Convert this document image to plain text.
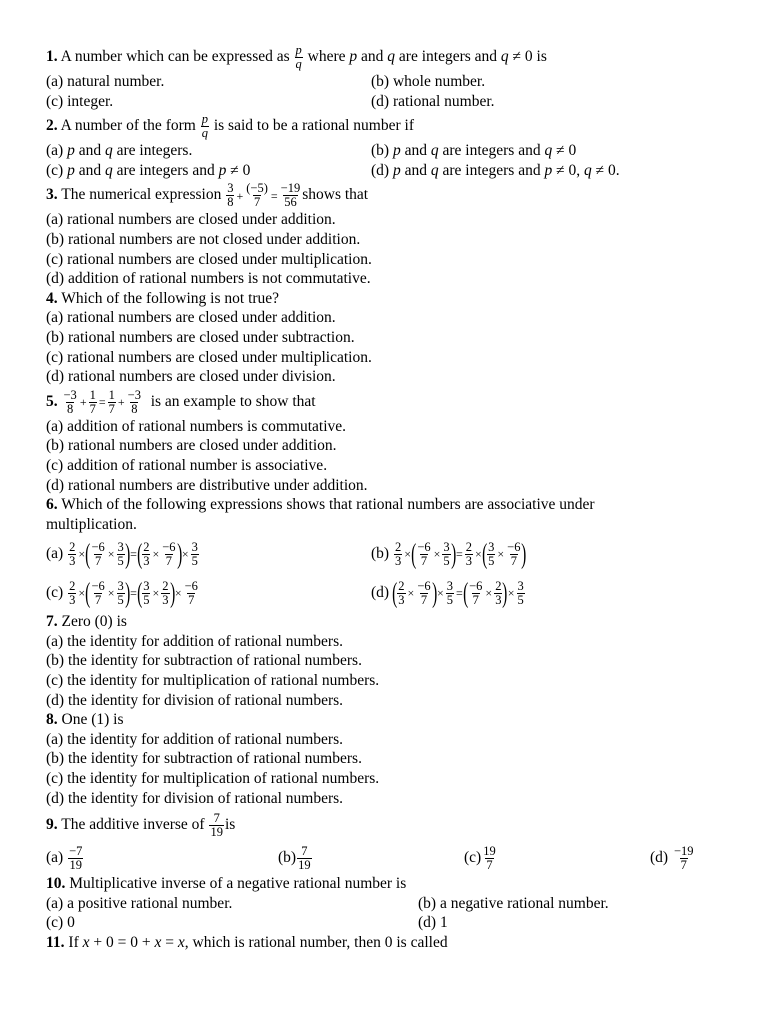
1. A number which can be expressed as $\frac{p}{q}$ where p and q are integers and q ≠ 0 is
(a) natural number.	(b) whole number.
(c) integer.	(d) rational number.
2. A number of the form $\frac{p}{q}$ is said to be a rational number if
(a) p and q are integers.	(b) p and q are integers and q ≠ 0
(c) p and q are integers and p ≠ 0	(d) p and q are integers and p ≠ 0, q ≠ 0.
3. The numerical expression $\frac{3}{8} + \frac{(-5)}{7} = \frac{-19}{56}$ shows that
(a) rational numbers are closed under addition.
(b) rational numbers are not closed under addition.
(c) rational numbers are closed under multiplication.
(d) addition of rational numbers is not commutative.
4. Which of the following is not true?
(a) rational numbers are closed under addition.
(b) rational numbers are closed under subtraction.
(c) rational numbers are closed under multiplication.
(d) rational numbers are closed under division.
5. $\frac{-3}{8} + \frac{1}{7} = \frac{1}{7} + \frac{-3}{8}$ is an example to show that
(a) addition of rational numbers is commutative.
(b) rational numbers are closed under addition.
(c) addition of rational number is associative.
(d) rational numbers are distributive under addition.
6. Which of the following expressions shows that rational numbers are associative under
multiplication.
$(a) \frac{2}{3}$ × ( $\frac{-6}{7} \times \frac{3}{5}$ ) = ( $\frac{2}{3} \times \frac{-6}{7}$ ) × $\frac{3}{5}$	$(b) \frac{2}{3}$ × ( $\frac{-6}{7} \times \frac{3}{5}$ ) = $\frac{2}{3}$ × ( $\frac{3}{5} \times \frac{-6}{7}$ )
$(c) \frac{2}{3}$ × ( $\frac{-6}{7} \times \frac{3}{5}$ ) = ( $\frac{3}{5} \times \frac{2}{3}$ ) × $\frac{-6}{7}$	(d) ( $\frac{2}{3} \times \frac{-6}{7}$ ) × $\frac{3}{5}$ = ( $\frac{-6}{7} \times \frac{2}{3}$ ) × $\frac{3}{5}$
7. Zero (0) is
(a) the identity for addition of rational numbers.
(b) the identity for subtraction of rational numbers.
(c) the identity for multiplication of rational numbers.
(d) the identity for division of rational numbers.
8. One (1) is
(a) the identity for addition of rational numbers.
(b) the identity for subtraction of rational numbers.
(c) the identity for multiplication of rational numbers.
(d) the identity for division of rational numbers.
9. The additive inverse of $\frac{7}{19}$ is
$(a) \frac{-7}{19}$	$(b) \frac{7}{19}$	$(c) \frac{19}{7}$	$(d) \frac{-19}{7}$
10. Multiplicative inverse of a negative rational number is
(a) a positive rational number.	(b) a negative rational number.
(c) 0	(d) 1
11. If x + 0 = 0 + x = x, which is rational number, then 0 is called
